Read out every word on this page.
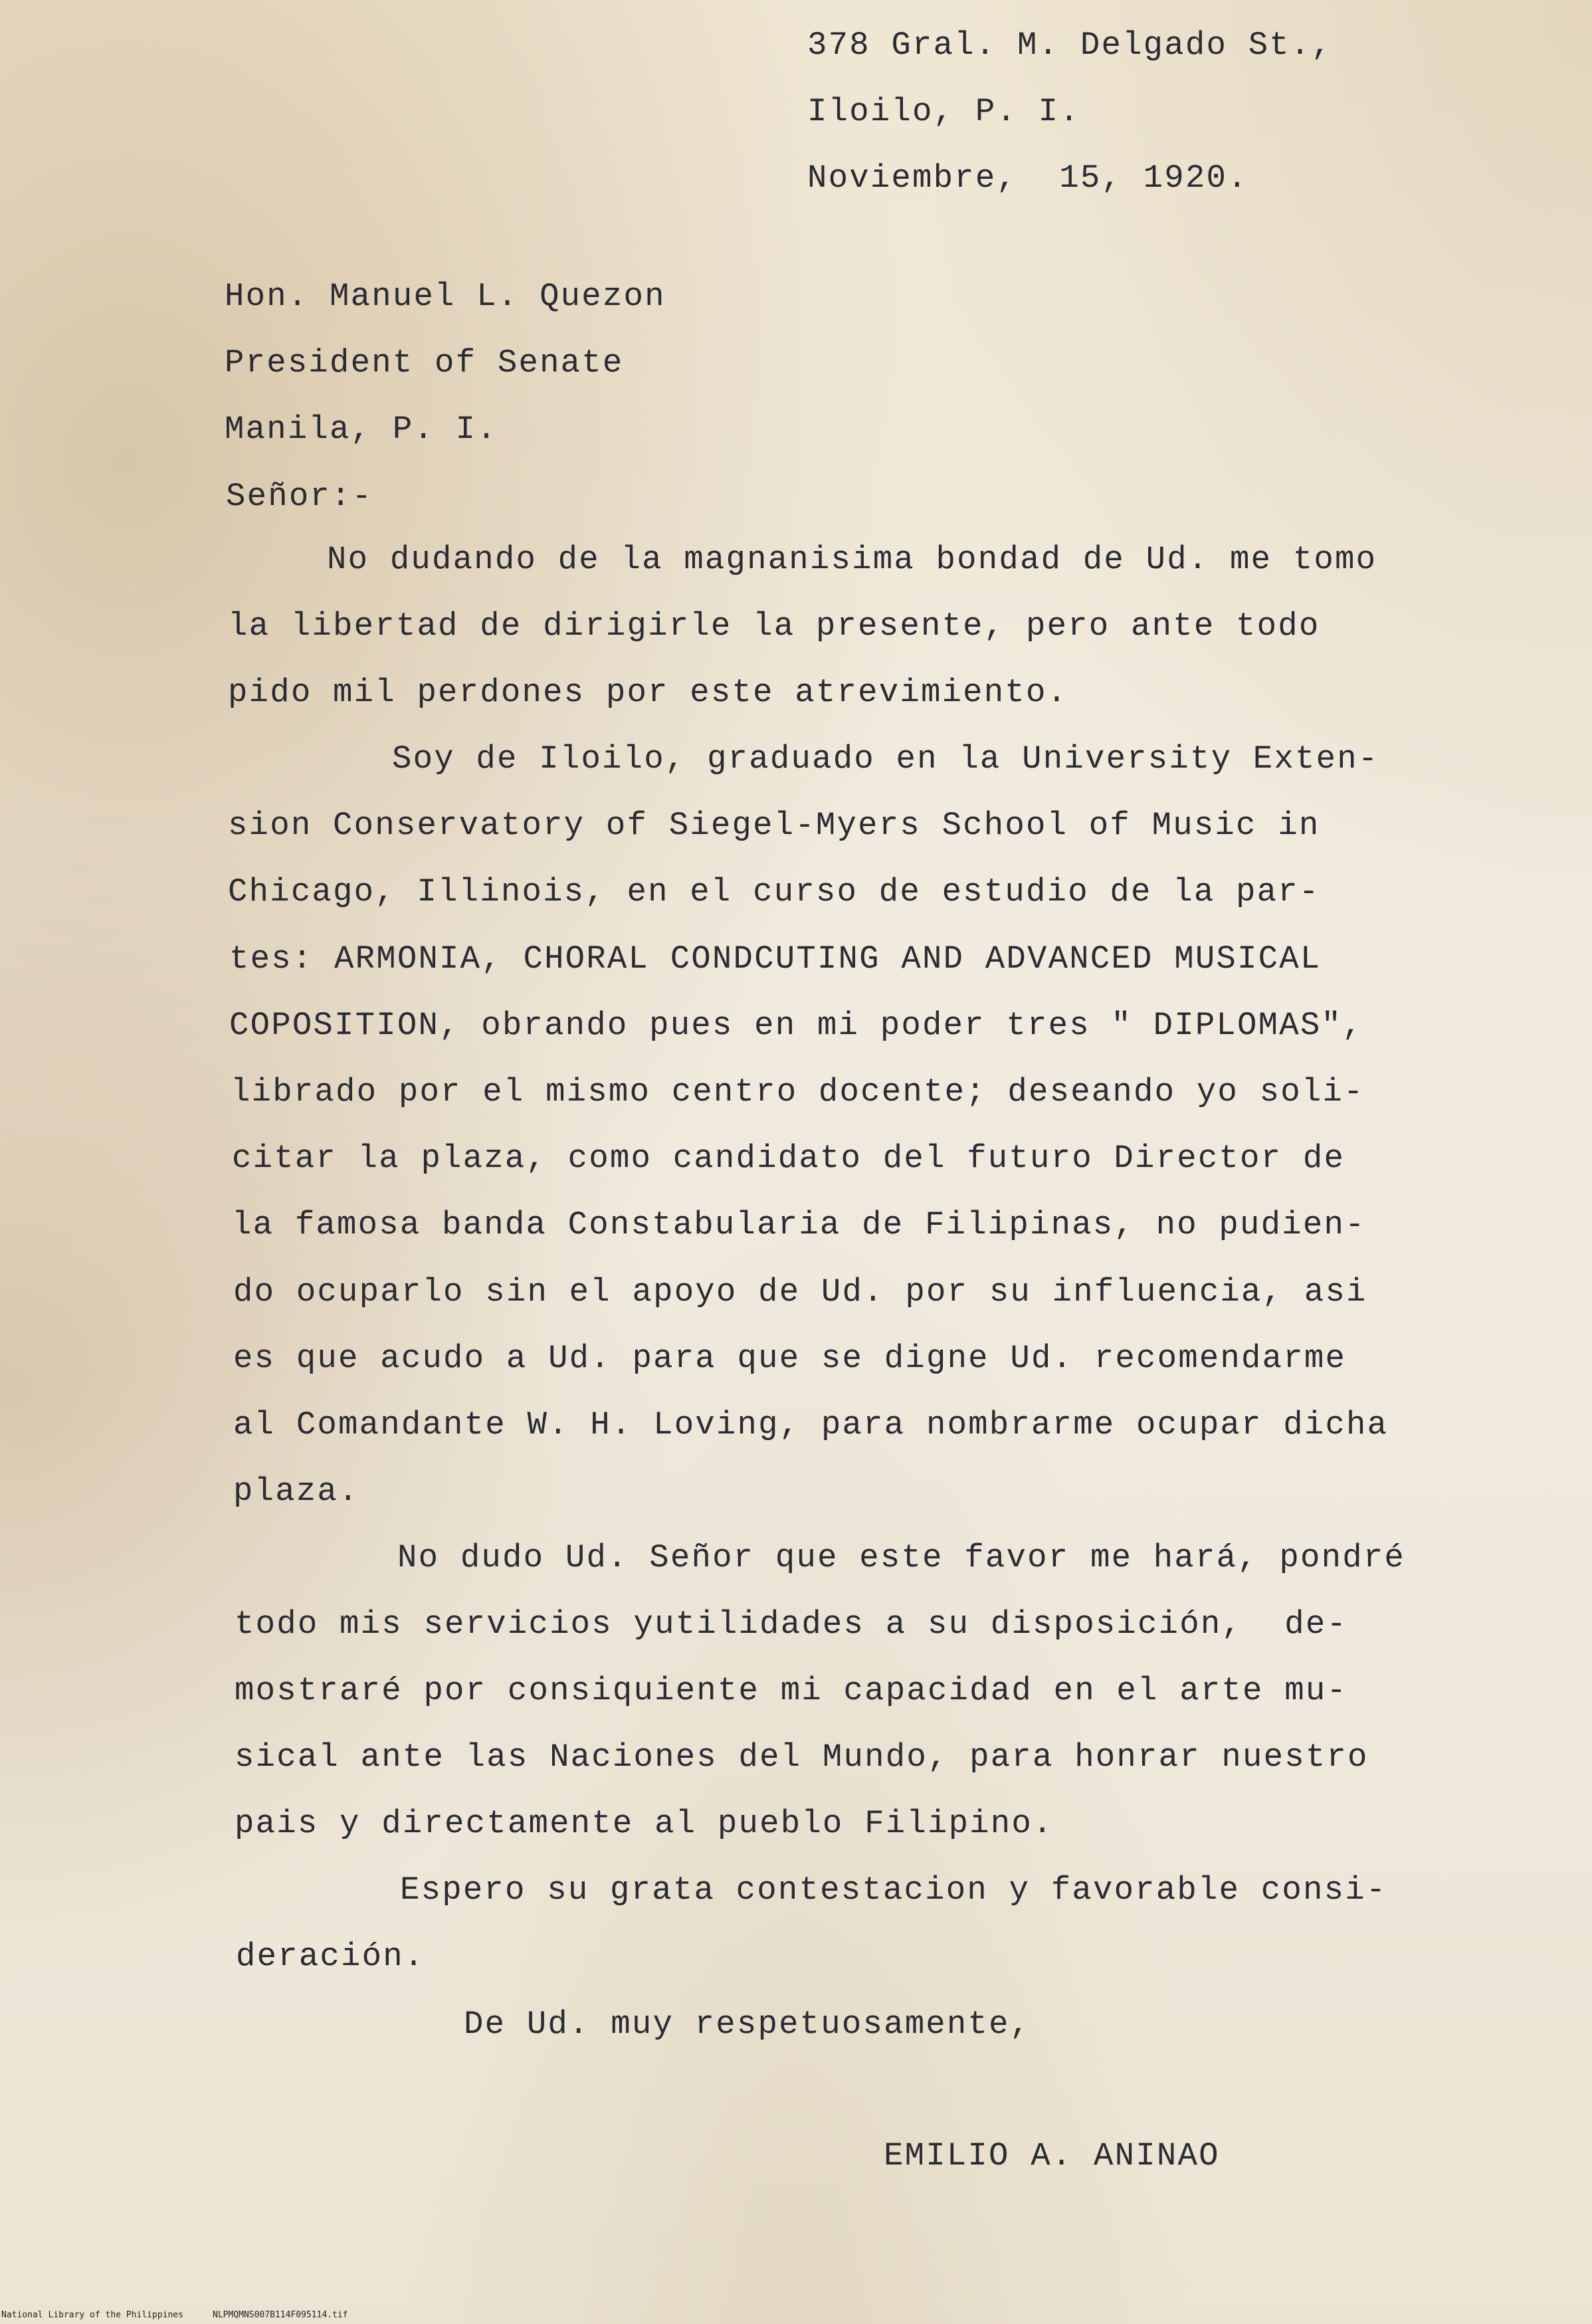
378 Gral. M. Delgado St.,
Iloilo, P. I.
Noviembre,  15, 1920.
Hon. Manuel L. Quezon
President of Senate
Manila, P. I.
Señor:-
No dudando de la magnanisima bondad de Ud. me tomo
la libertad de dirigirle la presente, pero ante todo
pido mil perdones por este atrevimiento.
Soy de Iloilo, graduado en la University Exten-
sion Conservatory of Siegel-Myers School of Music in
Chicago, Illinois, en el curso de estudio de la par-
tes: ARMONIA, CHORAL CONDCUTING AND ADVANCED MUSICAL
COPOSITION, obrando pues en mi poder tres " DIPLOMAS",
librado por el mismo centro docente; deseando yo soli-
citar la plaza, como candidato del futuro Director de
la famosa banda Constabularia de Filipinas, no pudien-
do ocuparlo sin el apoyo de Ud. por su influencia, asi
es que acudo a Ud. para que se digne Ud. recomendarme
al Comandante W. H. Loving, para nombrarme ocupar dicha
plaza.
No dudo Ud. Señor que este favor me hará, pondré
todo mis servicios yutilidades a su disposición,  de-
mostraré por consiquiente mi capacidad en el arte mu-
sical ante las Naciones del Mundo, para honrar nuestro
pais y directamente al pueblo Filipino.
Espero su grata contestacion y favorable consi-
deración.
De Ud. muy respetuosamente,
EMILIO A. ANINAO
National Library of the Philippines	NLPMQMNS007B114F095114.tif
